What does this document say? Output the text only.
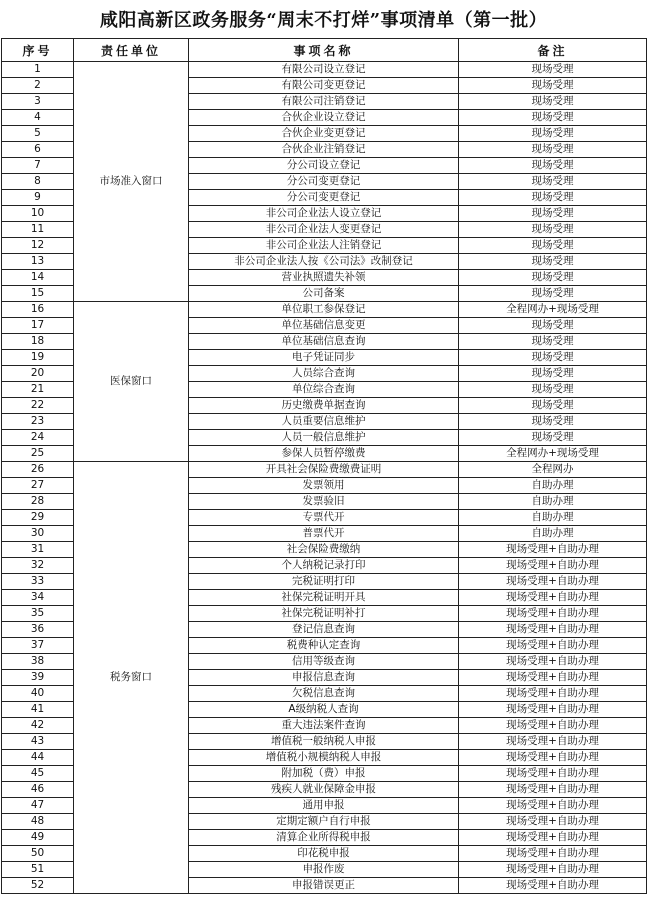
咸阳高新区政务服务“周末不打烊”事项清单（第一批）
序号	责任单位	事项名称	备注
1	市场准入窗口	有限公司设立登记	现场受理
2		有限公司变更登记	现场受理
3		有限公司注销登记	现场受理
4		合伙企业设立登记	现场受理
5		合伙企业变更登记	现场受理
6		合伙企业注销登记	现场受理
7		分公司设立登记	现场受理
8		分公司变更登记	现场受理
9		分公司变更登记	现场受理
10		非公司企业法人设立登记	现场受理
11		非公司企业法人变更登记	现场受理
12		非公司企业法人注销登记	现场受理
13		非公司企业法人按《公司法》改制登记	现场受理
14		营业执照遗失补领	现场受理
15		公司备案	现场受理
16	医保窗口	单位职工参保登记	全程网办+现场受理
17		单位基础信息变更	现场受理
18		单位基础信息查询	现场受理
19		电子凭证同步	现场受理
20		人员综合查询	现场受理
21		单位综合查询	现场受理
22		历史缴费单据查询	现场受理
23		人员重要信息维护	现场受理
24		人员一般信息维护	现场受理
25		参保人员暂停缴费	全程网办+现场受理
26	税务窗口	开具社会保险费缴费证明	全程网办
27		发票领用	自助办理
28		发票验旧	自助办理
29		专票代开	自助办理
30		普票代开	自助办理
31		社会保险费缴纳	现场受理+自助办理
32		个人纳税记录打印	现场受理+自助办理
33		完税证明打印	现场受理+自助办理
34		社保完税证明开具	现场受理+自助办理
35		社保完税证明补打	现场受理+自助办理
36		登记信息查询	现场受理+自助办理
37		税费种认定查询	现场受理+自助办理
38		信用等级查询	现场受理+自助办理
39		申报信息查询	现场受理+自助办理
40		欠税信息查询	现场受理+自助办理
41		A级纳税人查询	现场受理+自助办理
42		重大违法案件查询	现场受理+自助办理
43		增值税一般纳税人申报	现场受理+自助办理
44		增值税小规模纳税人申报	现场受理+自助办理
45		附加税（费）申报	现场受理+自助办理
46		残疾人就业保障金申报	现场受理+自助办理
47		通用申报	现场受理+自助办理
48		定期定额户自行申报	现场受理+自助办理
49		清算企业所得税申报	现场受理+自助办理
50		印花税申报	现场受理+自助办理
51		申报作废	现场受理+自助办理
52		申报错误更正	现场受理+自助办理
